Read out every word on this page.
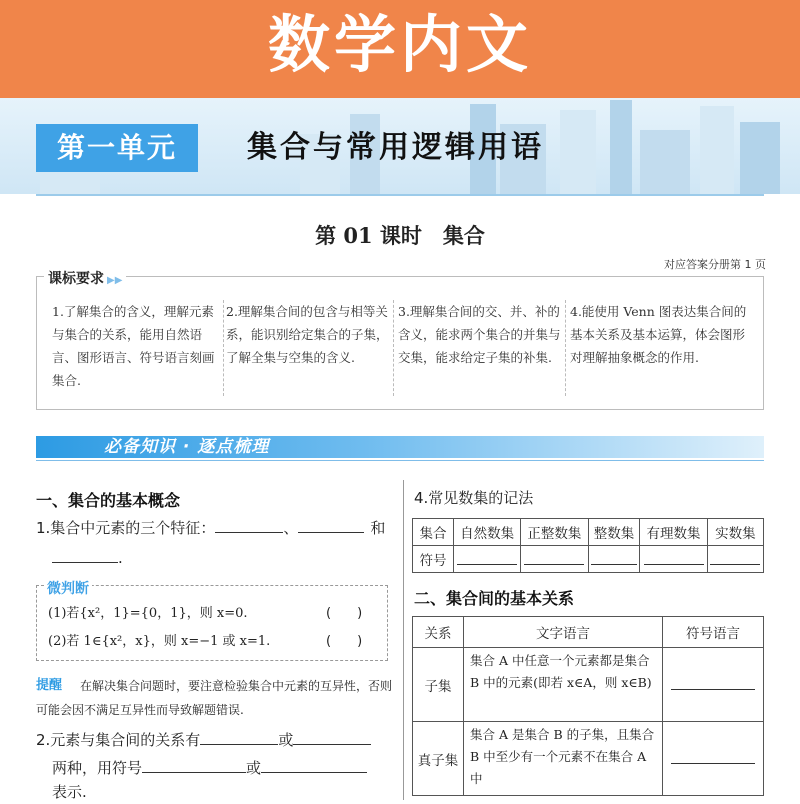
数学内文
第一单元	集合与常用逻辑用语
第 01 课时　集合
对应答案分册第 1 页
课标要求 ▶▶
1.了解集合的含义，理解元素与集合的关系，能用自然语言、图形语言、符号语言刻画集合.
2.理解集合间的包含与相等关系，能识别给定集合的子集，了解全集与空集的含义.
3.理解集合间的交、并、补的含义，能求两个集合的并集与交集，能求给定子集的补集.
4.能使用 Venn 图表达集合间的基本关系及基本运算，体会图形对理解抽象概念的作用.
必备知识 · 逐点梳理
一、集合的基本概念
1.集合中元素的三个特征：	、	和
.
微判断
(1)若{x²，1}={0，1}，则 x=0.	(　　)
(2)若 1∈{x²，x}，则 x=−1 或 x=1.	(　　)
在解决集合问题时，要注意检验集合中元素的互异性，否则可能会因不满足互异性而导致解题错误.
提醒
2.元素与集合间的关系有	或
两种，用符号	或
表示.
4.常见数集的记法
集合	自然数集	正整数集	整数集	有理数集	实数集
符号					
二、集合间的基本关系
关系	文字语言	符号语言
子集	集合 A 中任意一个元素都是集合 B 中的元素(即若 x∈A，则 x∈B)	
真子集	集合 A 是集合 B 的子集，且集合 B 中至少有一个元素不在集合 A 中	
